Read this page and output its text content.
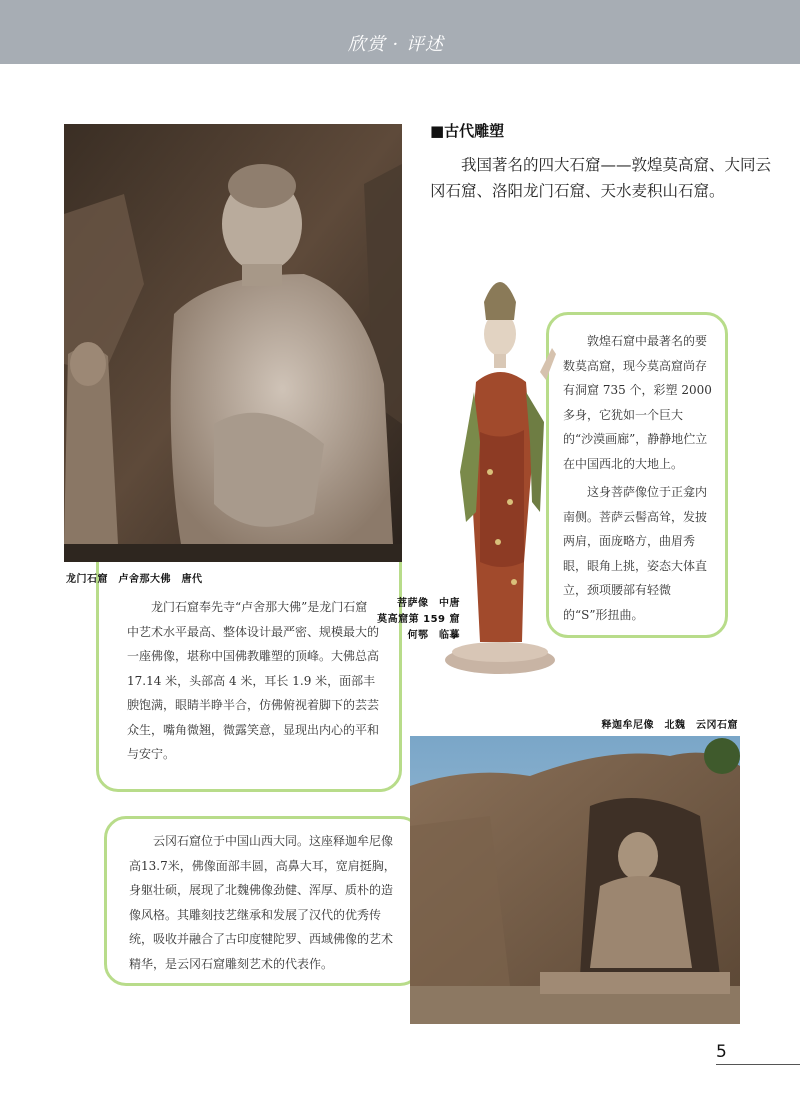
欣赏 · 评述

龙门石窟奉先寺“卢舍那大佛”是龙门石窟中艺术水平最高、整体设计最严密、规模最大的一座佛像，堪称中国佛教雕塑的顶峰。大佛总高 17.14 米，头部高 4 米，耳长 1.9 米，面部丰腴饱满，眼睛半睁半合，仿佛俯视着脚下的芸芸众生，嘴角微翘，微露笑意，显现出内心的平和与安宁。

龙门石窟　卢舍那大佛　唐代
■古代雕塑
我国著名的四大石窟——敦煌莫高窟、大同云冈石窟、洛阳龙门石窟、天水麦积山石窟。

敦煌石窟中最著名的要数莫高窟，现今莫高窟尚存有洞窟 735 个，彩塑 2000 多身，它犹如一个巨大的“沙漠画廊”，静静地伫立在中国西北的大地上。

这身菩萨像位于正龛内南侧。菩萨云髻高耸，发披两肩，面庞略方，曲眉秀眼，眼角上挑，姿态大体直立，颈项腰部有轻微的“S”形扭曲。

菩萨像　中唐
莫高窟第 159 窟
何鄂　临摹
释迦牟尼像　北魏　云冈石窟

云冈石窟位于中国山西大同。这座释迦牟尼像高13.7米，佛像面部丰圆，高鼻大耳，宽肩挺胸，身躯壮硕，展现了北魏佛像劲健、浑厚、质朴的造像风格。其雕刻技艺继承和发展了汉代的优秀传统，吸收并融合了古印度犍陀罗、西域佛像的艺术精华，是云冈石窟雕刻艺术的代表作。

5
